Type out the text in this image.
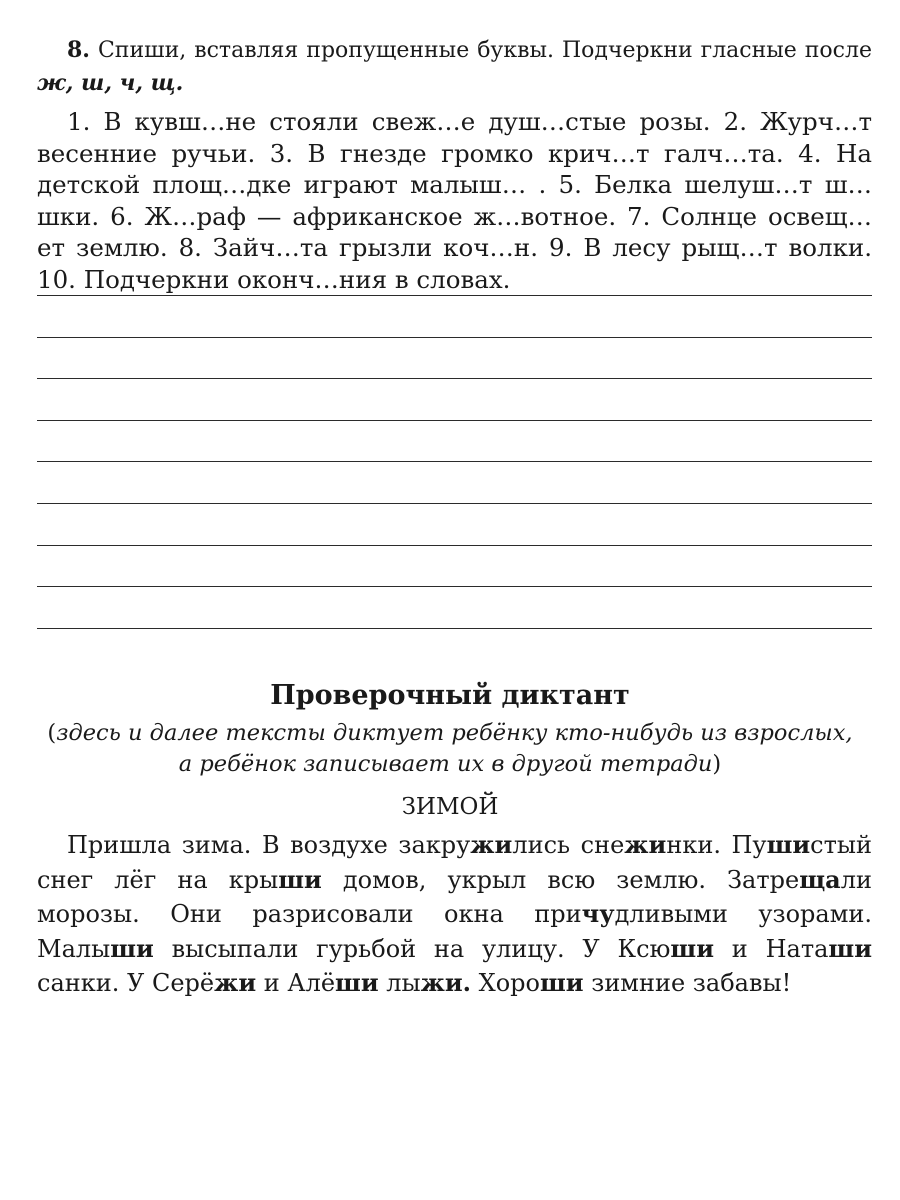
8. Спиши, вставляя пропущенные буквы. Подчеркни гласные после ж, ш, ч, щ.
1. В кувш…не стояли свеж…е душ…стые розы. 2. Журч…т весенние ручьи. 3. В гнезде громко крич…т галч…та. 4. На детской площ…дке играют малыш… . 5. Белка шелуш…т ш…шки. 6. Ж…раф — африканское ж…вотное. 7. Солнце освещ…ет землю. 8. Зайч…та грызли коч…н. 9. В лесу рыщ…т волки. 10. Подчеркни оконч…ния в словах.
Проверочный диктант
(здесь и далее тексты диктует ребёнку кто-нибудь из взрослых,
а ребёнок записывает их в другой тетради)
ЗИМОЙ
Пришла зима. В воздухе закружились снежинки. Пушистый снег лёг на крыши домов, укрыл всю землю. Затрещали морозы. Они разрисовали окна причудливыми узорами. Малыши высыпали гурьбой на улицу. У Ксюши и Наташи санки. У Серёжи и Алёши лыжи. Хороши зимние забавы!
